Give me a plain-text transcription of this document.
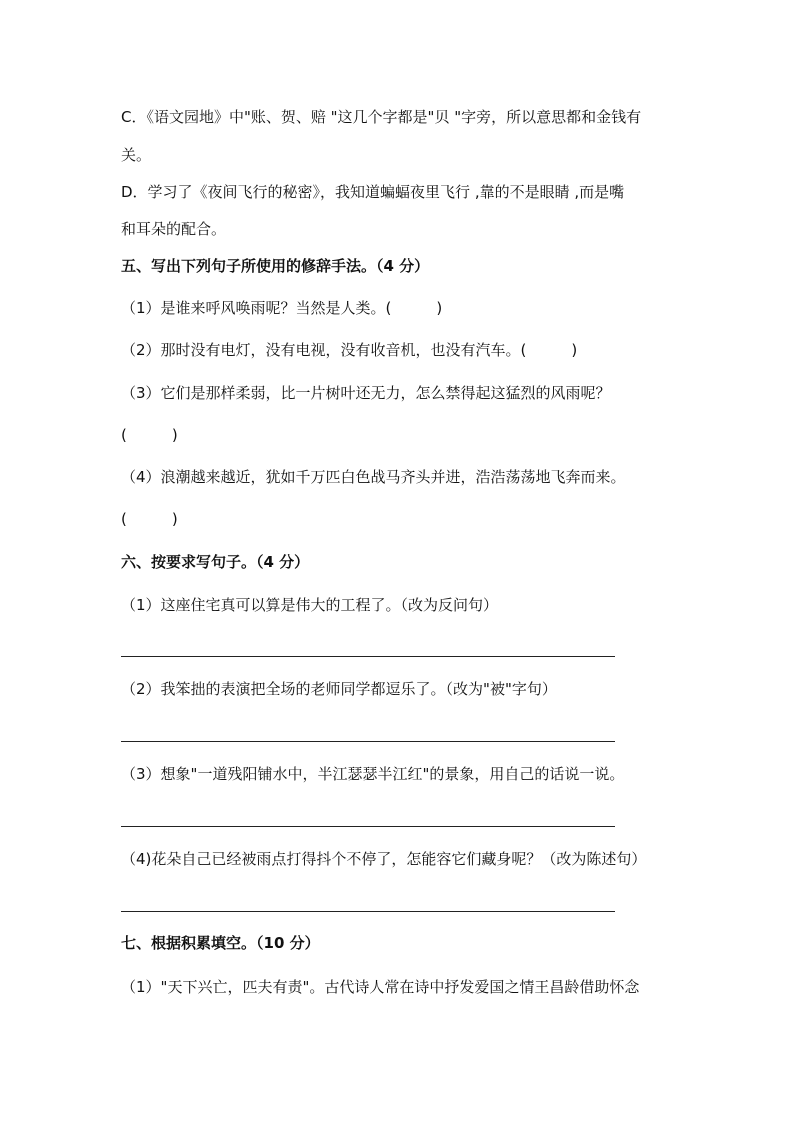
C．《语文园地》中"账、贺、赔 "这几个字都是"贝 "字旁，所以意思都和金钱有
关。
D．学习了《夜间飞行的秘密》，我知道蝙蝠夜里飞行 ,靠的不是眼睛 ,而是嘴
和耳朵的配合。
五、写出下列句子所使用的修辞手法。（4 分）
（1）是谁来呼风唤雨呢？当然是人类。(　　　)
（2）那时没有电灯，没有电视，没有收音机，也没有汽车。(　　　)
（3）它们是那样柔弱，比一片树叶还无力，怎么禁得起这猛烈的风雨呢？
(　　　)
（4）浪潮越来越近，犹如千万匹白色战马齐头并进，浩浩荡荡地飞奔而来。
(　　　)
六、按要求写句子。（4 分）
（1）这座住宅真可以算是伟大的工程了。（改为反问句）
（2）我笨拙的表演把全场的老师同学都逗乐了。（改为"被"字句）
（3）想象"一道残阳铺水中，半江瑟瑟半江红"的景象，用自己的话说一说。
（4)花朵自己已经被雨点打得抖个不停了，怎能容它们藏身呢？（改为陈述句）
七、根据积累填空。（10 分）
（1）"天下兴亡，匹夫有责"。古代诗人常在诗中抒发爱国之情王昌龄借助怀念
